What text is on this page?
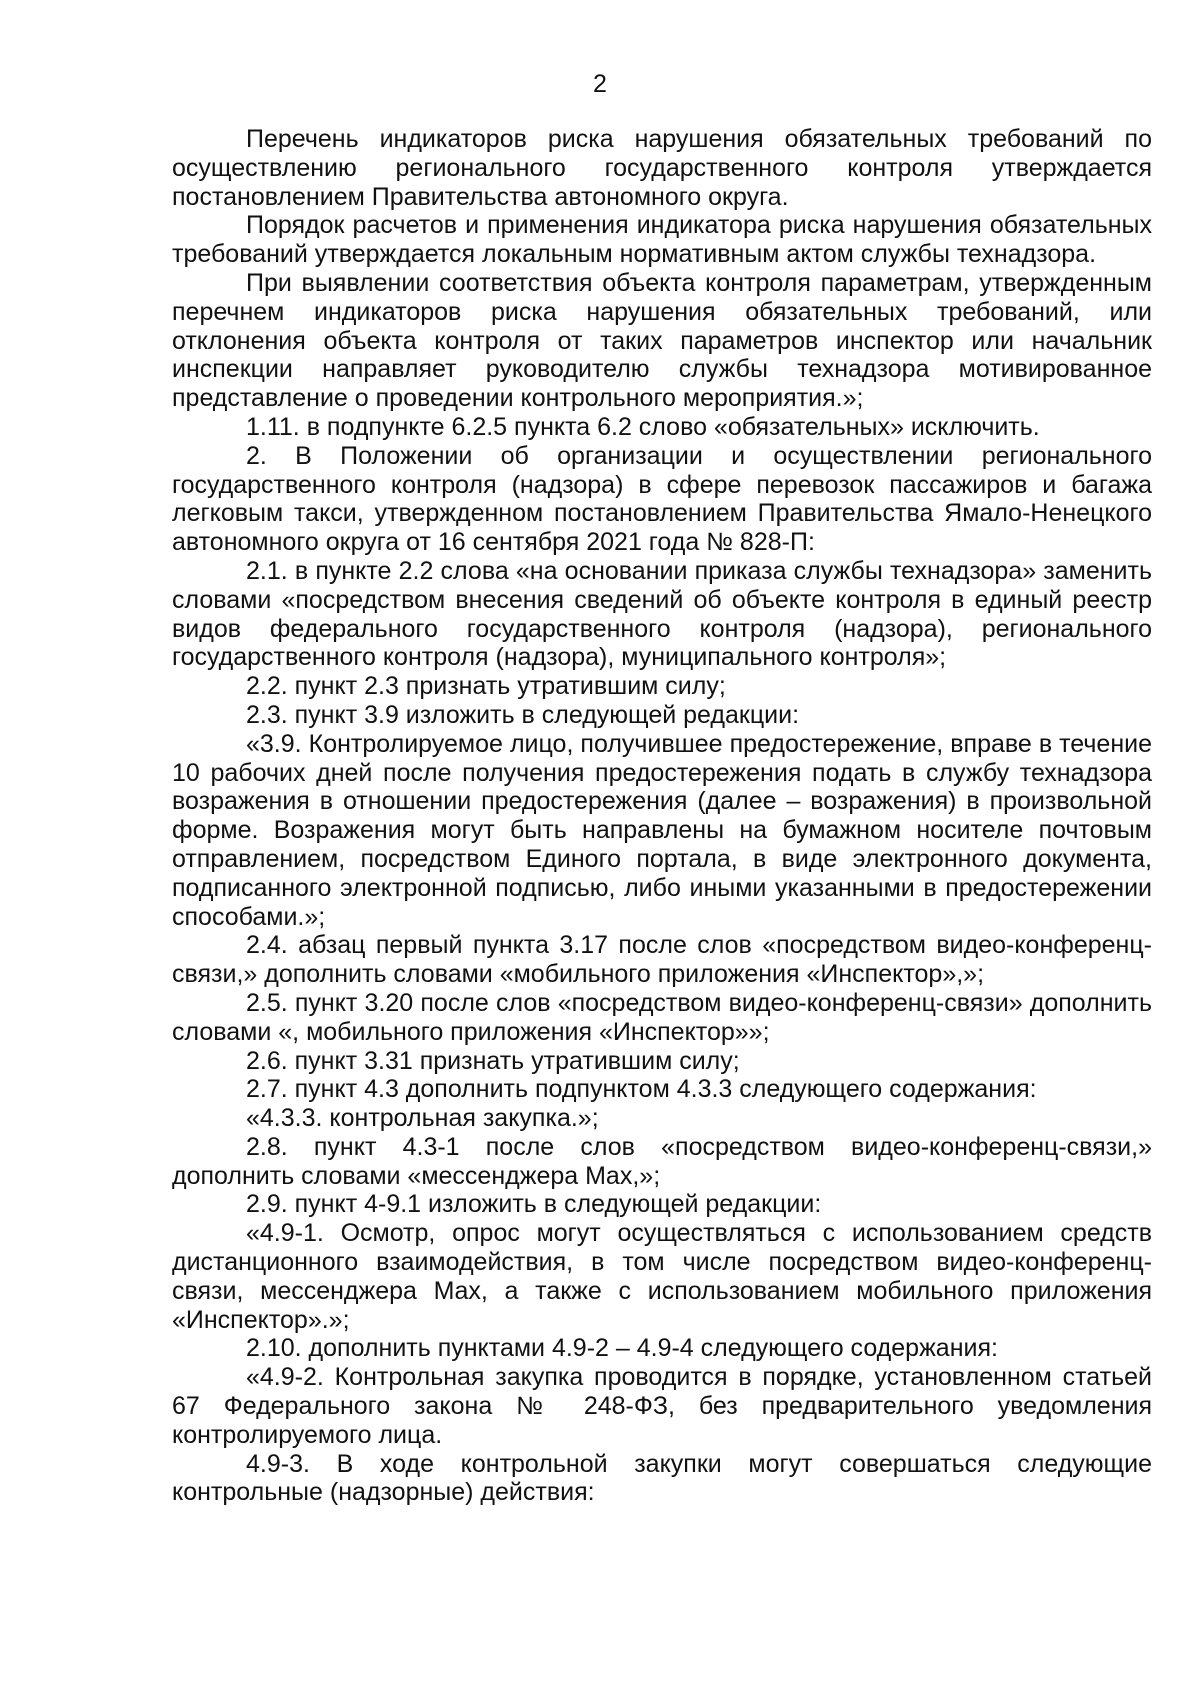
2

Перечень индикаторов риска нарушения обязательных требований по осуществлению регионального государственного контроля утверждается постановлением Правительства автономного округа.

Порядок расчетов и применения индикатора риска нарушения обязательных требований утверждается локальным нормативным актом службы технадзора.

При выявлении соответствия объекта контроля параметрам, утвержденным перечнем индикаторов риска нарушения обязательных требований, или отклонения объекта контроля от таких параметров инспектор или начальник инспекции направляет руководителю службы технадзора мотивированное представление о проведении контрольного мероприятия.»;

1.11. в подпункте 6.2.5 пункта 6.2 слово «обязательных» исключить.

2. В Положении об организации и осуществлении регионального государственного контроля (надзора) в сфере перевозок пассажиров и багажа легковым такси, утвержденном постановлением Правительства Ямало-Ненецкого автономного округа от 16 сентября 2021 года № 828-П:

2.1. в пункте 2.2 слова «на основании приказа службы технадзора» заменить словами «посредством внесения сведений об объекте контроля в единый реестр видов федерального государственного контроля (надзора), регионального государственного контроля (надзора), муниципального контроля»;

2.2. пункт 2.3 признать утратившим силу;

2.3. пункт 3.9 изложить в следующей редакции:

«3.9. Контролируемое лицо, получившее предостережение, вправе в течение 10 рабочих дней после получения предостережения подать в службу технадзора возражения в отношении предостережения (далее – возражения) в произвольной форме. Возражения могут быть направлены на бумажном носителе почтовым отправлением, посредством Единого портала, в виде электронного документа, подписанного электронной подписью, либо иными указанными в предостережении способами.»;

2.4. абзац первый пункта 3.17 после слов «посредством видео-конференц-связи,» дополнить словами «мобильного приложения «Инспектор»,»;

2.5. пункт 3.20 после слов «посредством видео-конференц-связи» дополнить словами «, мобильного приложения «Инспектор»»;

2.6. пункт 3.31 признать утратившим силу;

2.7. пункт 4.3 дополнить подпунктом 4.3.3 следующего содержания:

«4.3.3. контрольная закупка.»;

2.8. пункт 4.3-1 после слов «посредством видео-конференц-связи,» дополнить словами «мессенджера Max,»;

2.9. пункт 4-9.1 изложить в следующей редакции:

«4.9-1. Осмотр, опрос могут осуществляться с использованием средств дистанционного взаимодействия, в том числе посредством видео-конференц-связи, мессенджера Max, а также с использованием мобильного приложения «Инспектор».»;

2.10. дополнить пунктами 4.9-2 – 4.9-4 следующего содержания:

«4.9-2. Контрольная закупка проводится в порядке, установленном статьей 67 Федерального закона № 248-ФЗ, без предварительного уведомления контролируемого лица.

4.9-3. В ходе контрольной закупки могут совершаться следующие контрольные (надзорные) действия:
